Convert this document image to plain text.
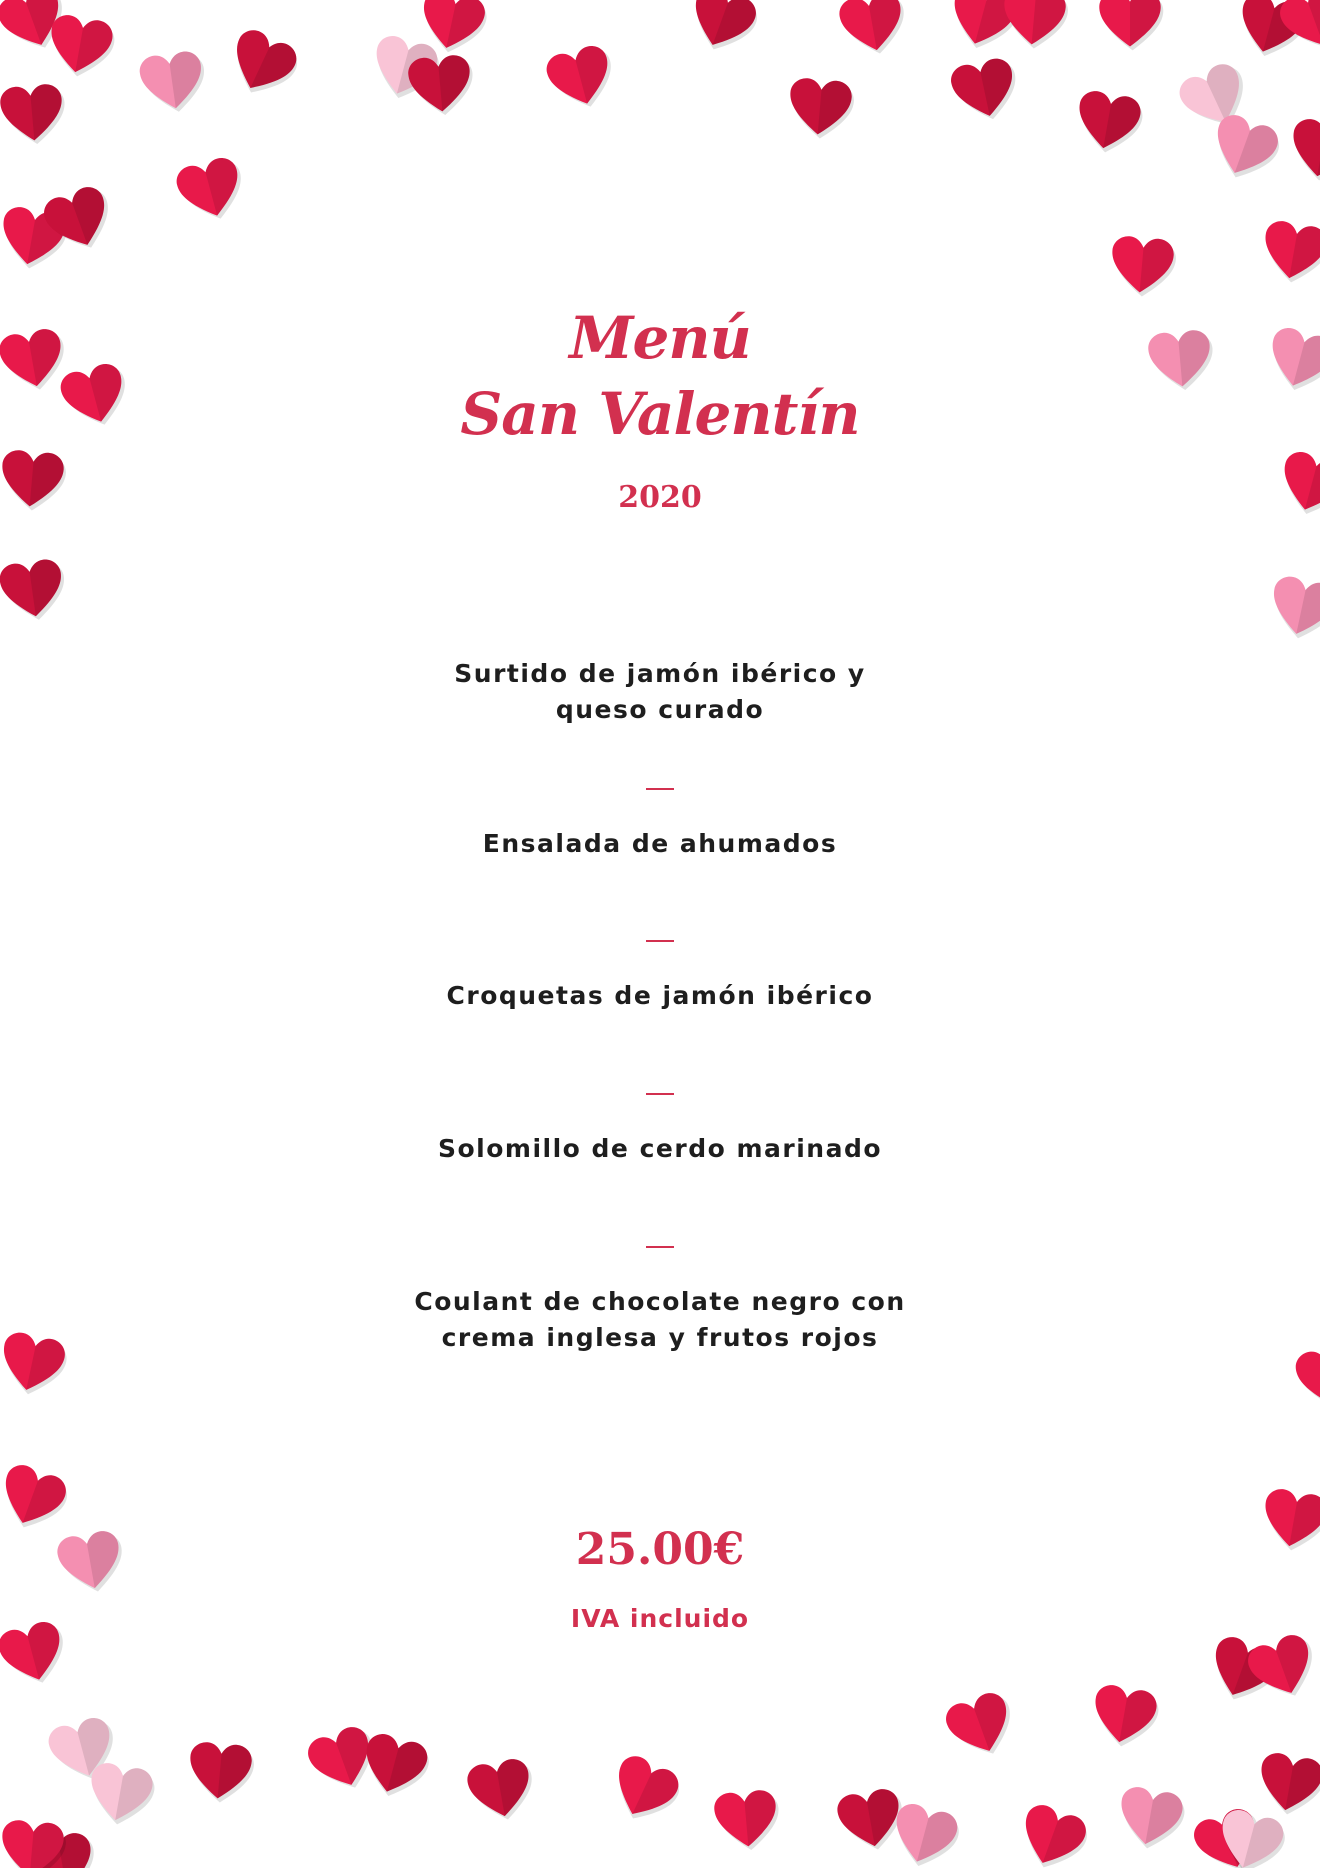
Menú
San Valentín
2020
Surtido de jamón ibérico y queso curado
Ensalada de ahumados
Croquetas de jamón ibérico
Solomillo de cerdo marinado
Coulant de chocolate negro con crema inglesa y frutos rojos
25.00€
IVA incluido
